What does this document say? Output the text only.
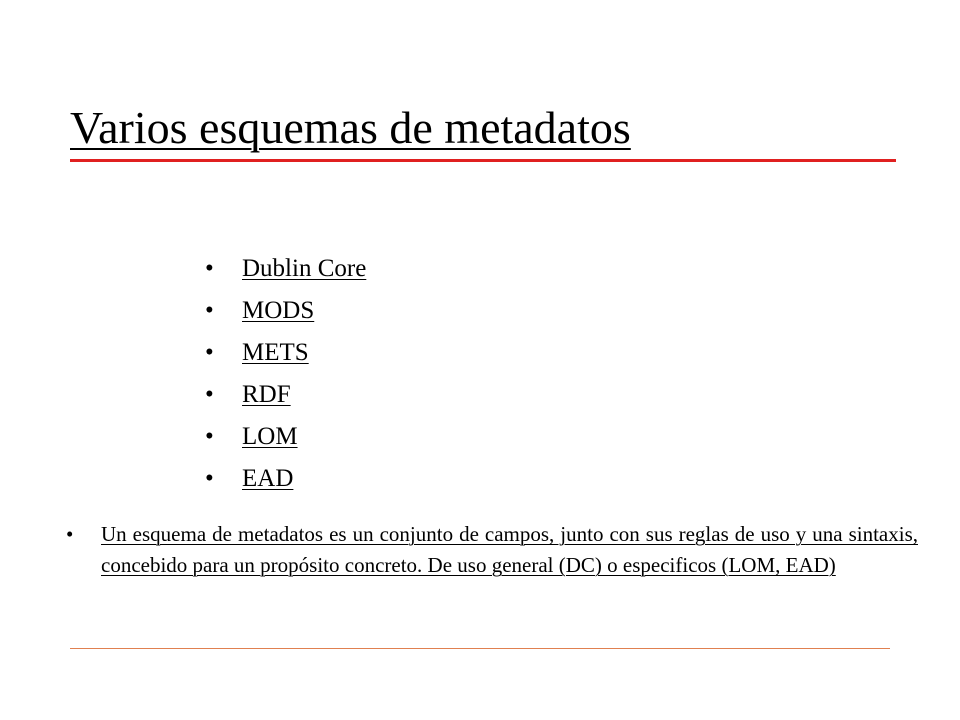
Varios esquemas de metadatos
• Dublin Core
• MODS
• METS
• RDF
• LOM
• EAD
• Un esquema de metadatos es un conjunto de campos, junto con sus reglas de uso y una sintaxis, concebido para un propósito concreto. De uso general (DC) o especificos (LOM, EAD)
